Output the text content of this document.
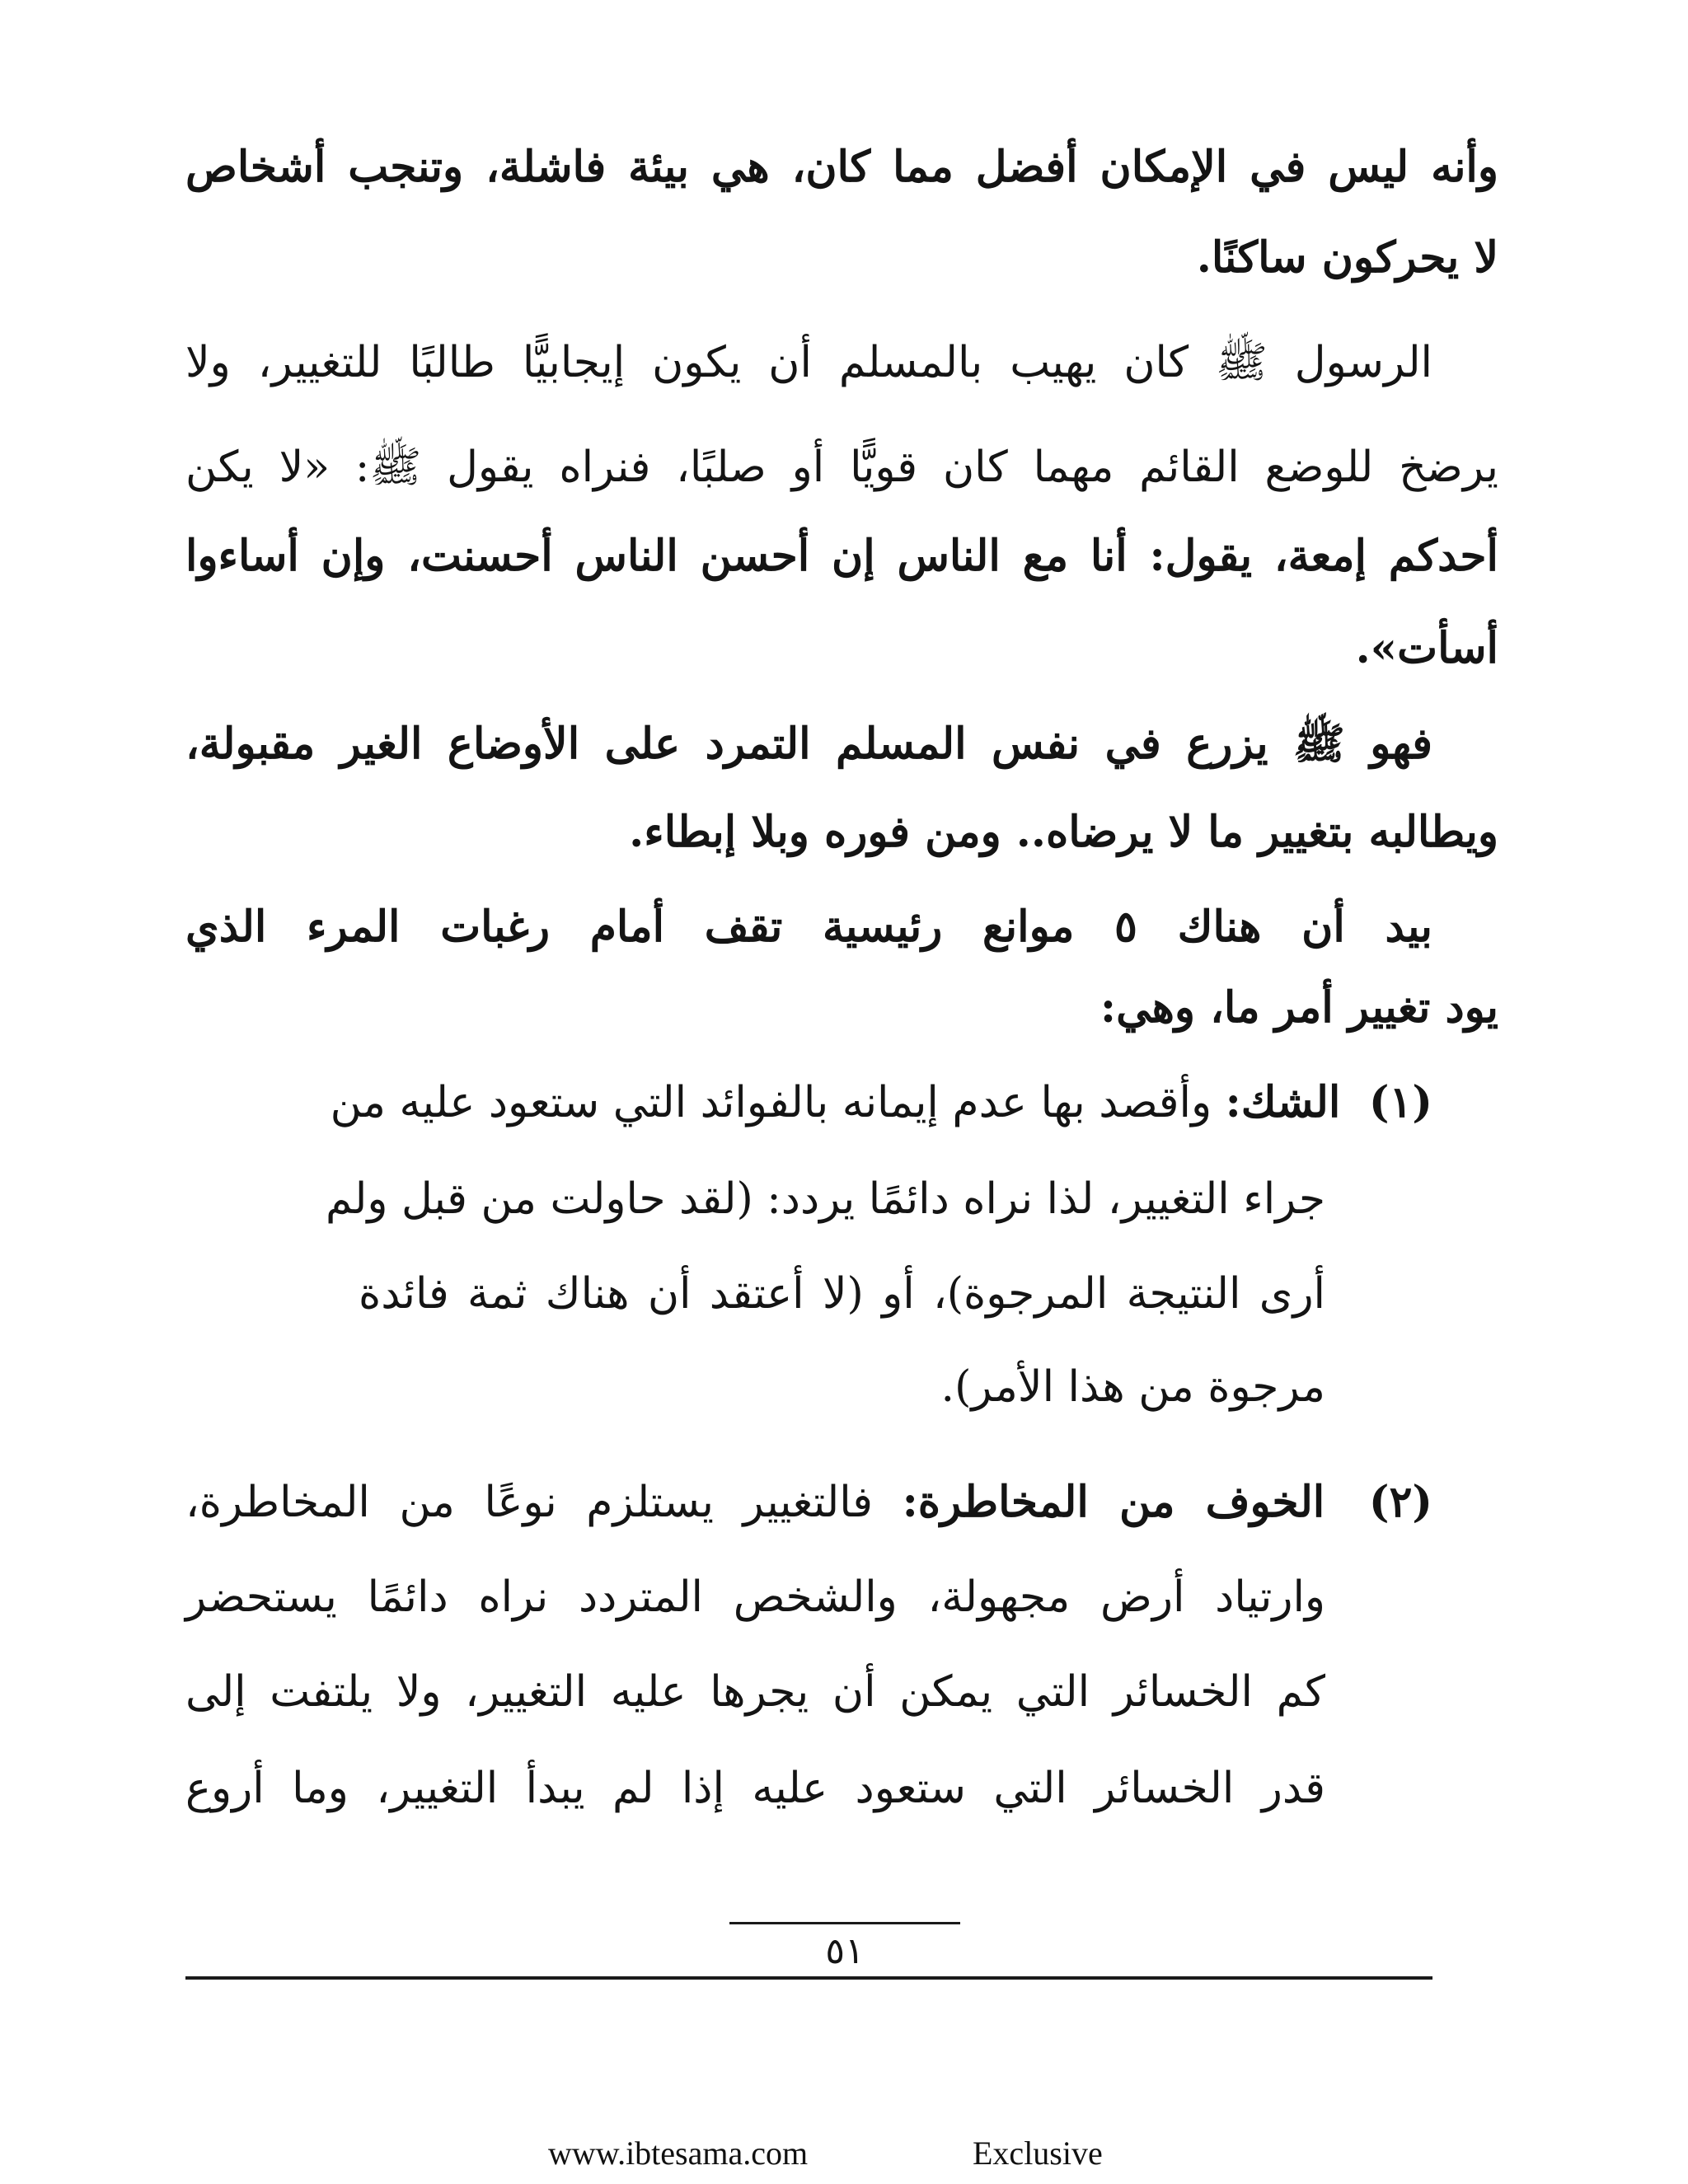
وأنه ليس في الإمكان أفضل مما كان، هي بيئة فاشلة، وتنجب أشخاص
لا يحركون ساكنًا.
الرسول ﷺ كان يهيب بالمسلم أن يكون إيجابيًّا طالبًا للتغيير، ولا
يرضخ للوضع القائم مهما كان قويًّا أو صلبًا، فنراه يقول ﷺ: «لا يكن
أحدكم إمعة، يقول: أنا مع الناس إن أحسن الناس أحسنت، وإن أساءوا
أسأت».
فهو ﷺ يزرع في نفس المسلم التمرد على الأوضاع الغير مقبولة،
ويطالبه بتغيير ما لا يرضاه.. ومن فوره وبلا إبطاء.
بيد أن هناك ٥ موانع رئيسية تقف أمام رغبات المرء الذي
يود تغيير أمر ما، وهي:
(١) الشك: وأقصد بها عدم إيمانه بالفوائد التي ستعود عليه من
جراء التغيير، لذا نراه دائمًا يردد: (لقد حاولت من قبل ولم
أرى النتيجة المرجوة)، أو (لا أعتقد أن هناك ثمة فائدة
مرجوة من هذا الأمر).
(٢) الخوف من المخاطرة: فالتغيير يستلزم نوعًا من المخاطرة،
وارتياد أرض مجهولة، والشخص المتردد نراه دائمًا يستحضر
كم الخسائر التي يمكن أن يجرها عليه التغيير، ولا يلتفت إلى
قدر الخسائر التي ستعود عليه إذا لم يبدأ التغيير، وما أروع
٥١
www.ibtesama.com	Exclusive
